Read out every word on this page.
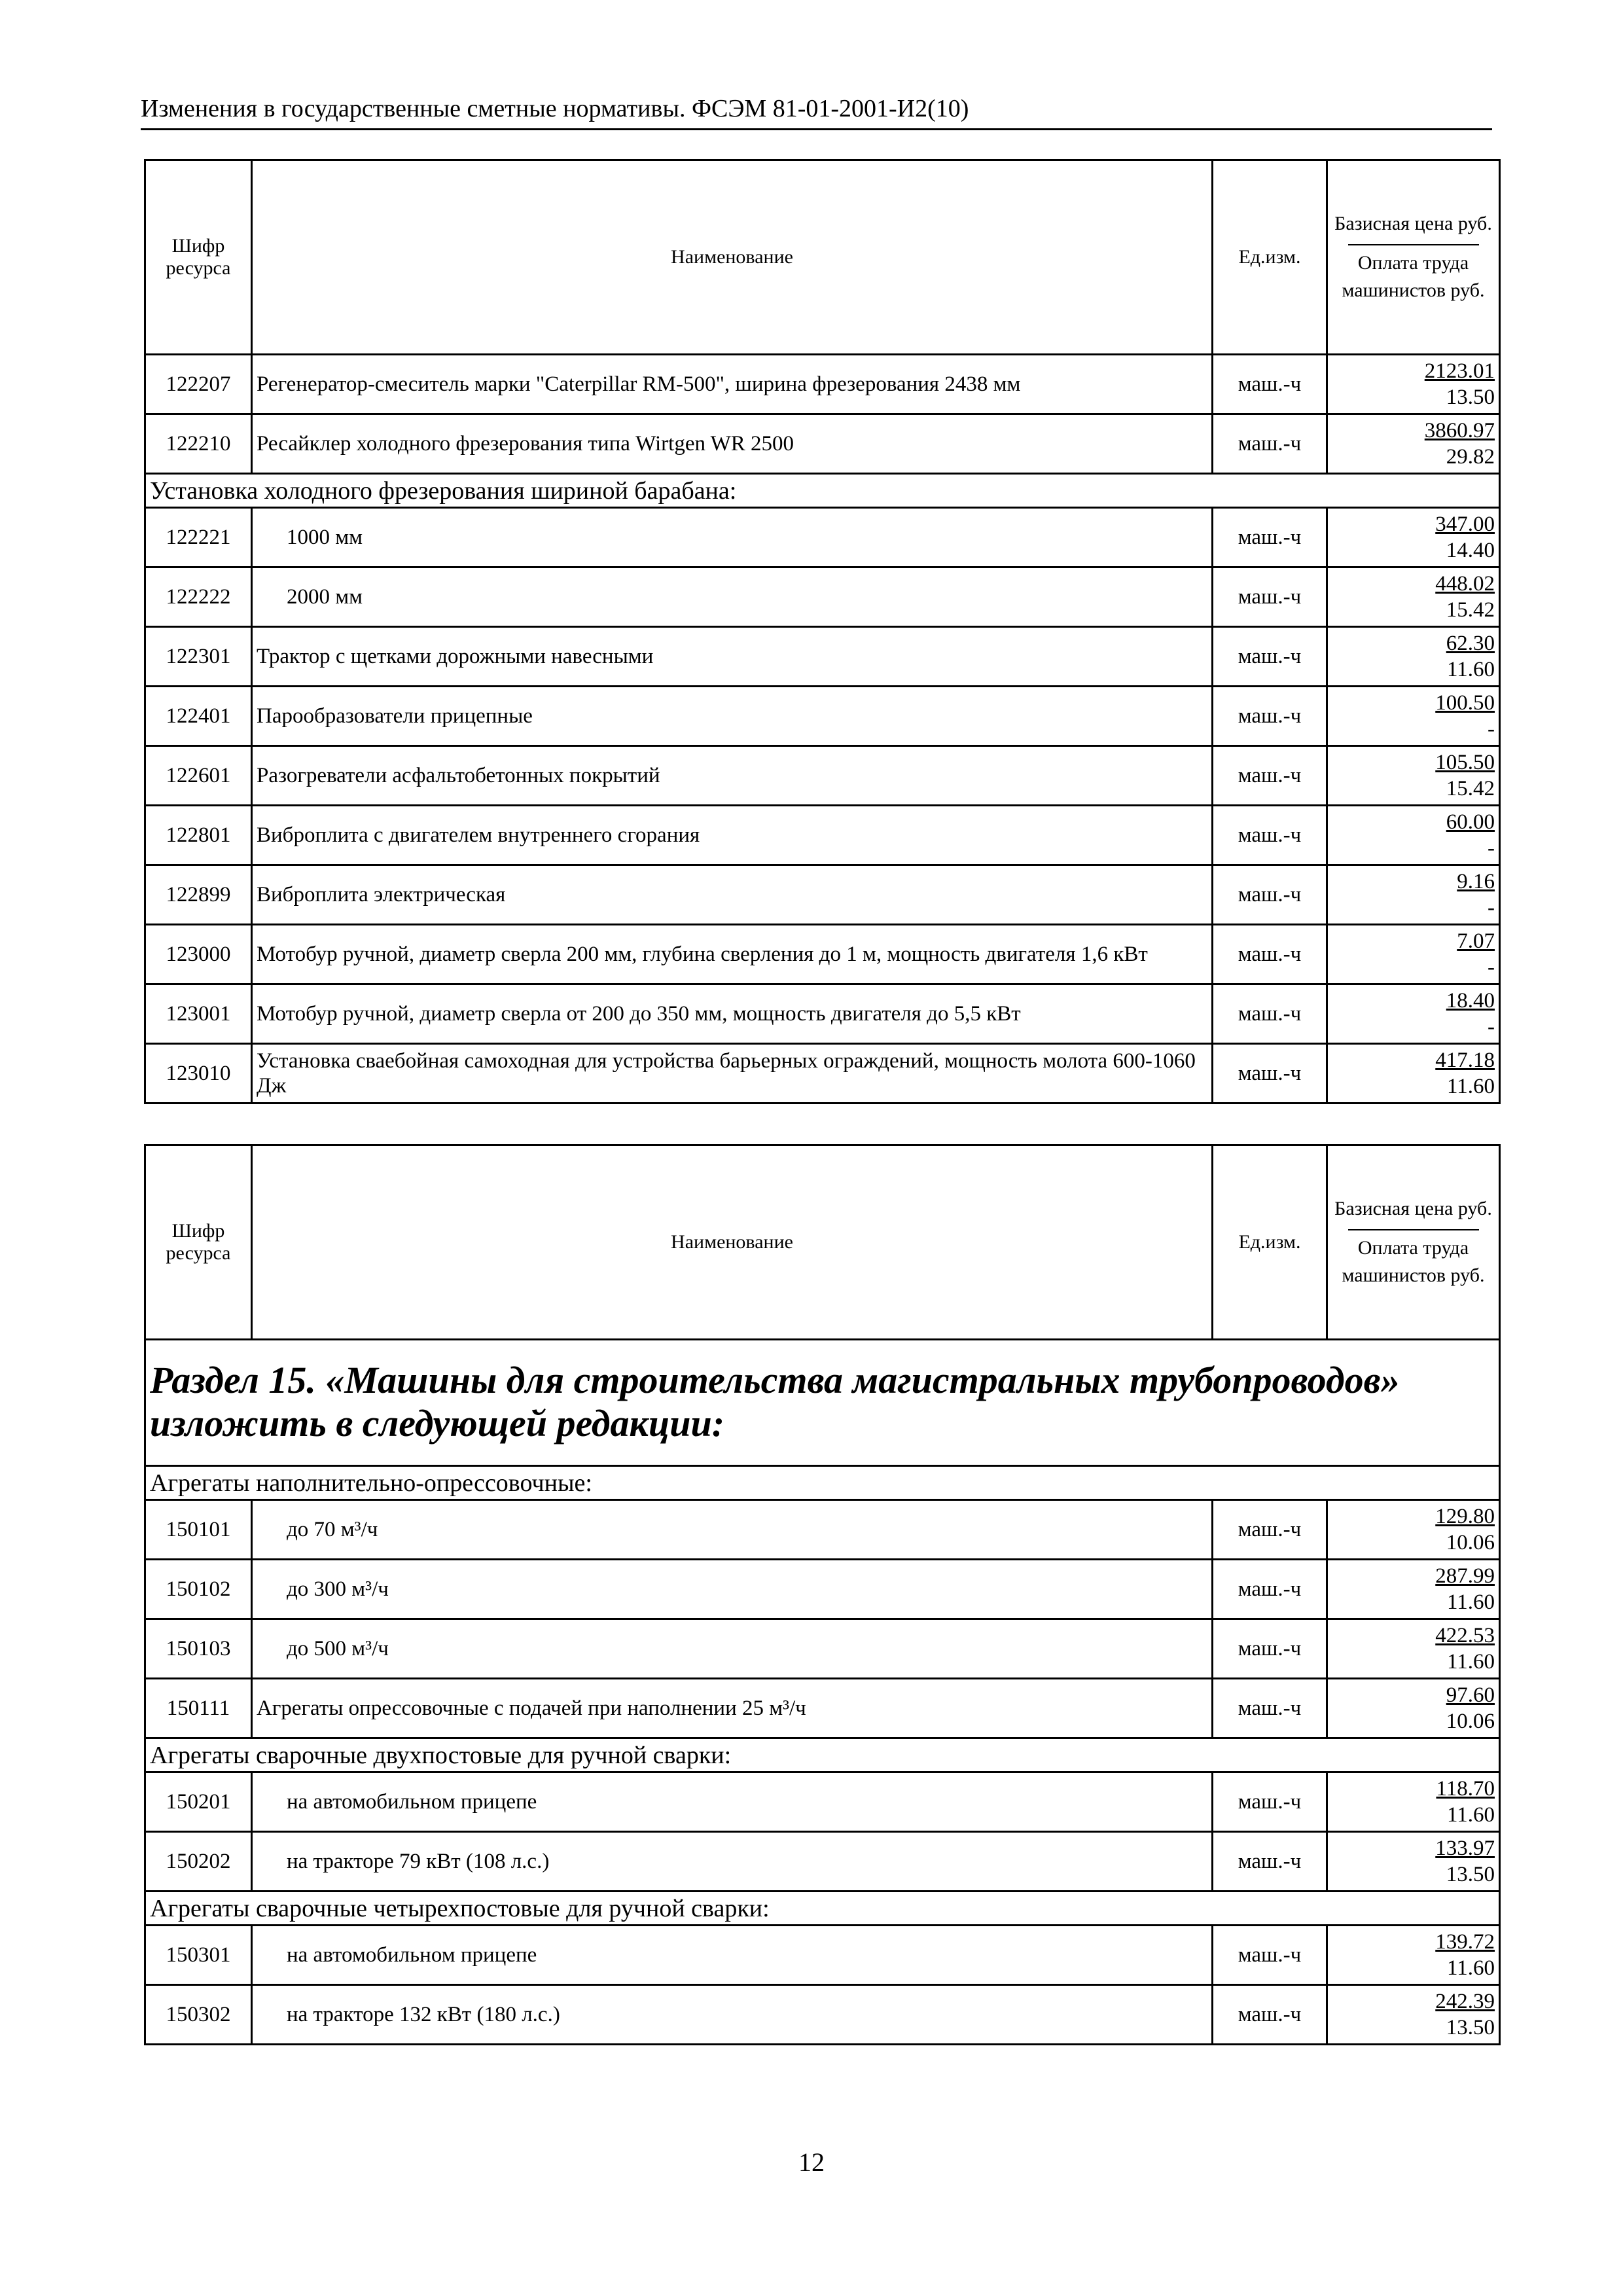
Изменения в государственные сметные нормативы. ФСЭМ 81-01-2001-И2(10)
Шифр ресурса	Наименование	Ед.изм.	Базисная цена руб.
Оплата труда машинистов руб.
122207	Регенератор-смеситель марки "Caterpillar RM-500", ширина фрезерования 2438 мм	маш.-ч	2123.01
13.50

122210	Ресайклер холодного фрезерования типа Wirtgen WR 2500	маш.-ч	3860.97
29.82

Установка холодного фрезерования шириной барабана:			
122221	1000 мм	маш.-ч	347.00
14.40

122222	2000 мм	маш.-ч	448.02
15.42

122301	Трактор с щетками дорожными навесными	маш.-ч	62.30
11.60

122401	Парообразователи прицепные	маш.-ч	100.50
-

122601	Разогреватели асфальтобетонных покрытий	маш.-ч	105.50
15.42

122801	Виброплита с двигателем внутреннего сгорания	маш.-ч	60.00
-

122899	Виброплита электрическая	маш.-ч	9.16
-

123000	Мотобур ручной, диаметр сверла 200 мм, глубина сверления до 1 м, мощность двигателя 1,6 кВт	маш.-ч	7.07
-

123001	Мотобур ручной, диаметр сверла от 200 до 350 мм, мощность двигателя до 5,5 кВт	маш.-ч	18.40
-

123010	Установка сваебойная самоходная для устройства барьерных ограждений, мощность молота 600-1060 Дж	маш.-ч	417.18
11.60
Шифр ресурса	Наименование	Ед.изм.	Базисная цена руб.
Оплата труда машинистов руб.
Раздел 15. «Машины для строительства магистральных трубопроводов» изложить в следующей редакции:			
Агрегаты наполнительно-опрессовочные:			
150101	до 70 м³/ч	маш.-ч	129.80
10.06

150102	до 300 м³/ч	маш.-ч	287.99
11.60

150103	до 500 м³/ч	маш.-ч	422.53
11.60

150111	Агрегаты опрессовочные с подачей при наполнении 25 м³/ч	маш.-ч	97.60
10.06

Агрегаты сварочные двухпостовые для ручной сварки:			
150201	на автомобильном прицепе	маш.-ч	118.70
11.60

150202	на тракторе 79 кВт (108 л.с.)	маш.-ч	133.97
13.50

Агрегаты сварочные четырехпостовые для ручной сварки:			
150301	на автомобильном прицепе	маш.-ч	139.72
11.60

150302	на тракторе 132 кВт (180 л.с.)	маш.-ч	242.39
13.50
12
